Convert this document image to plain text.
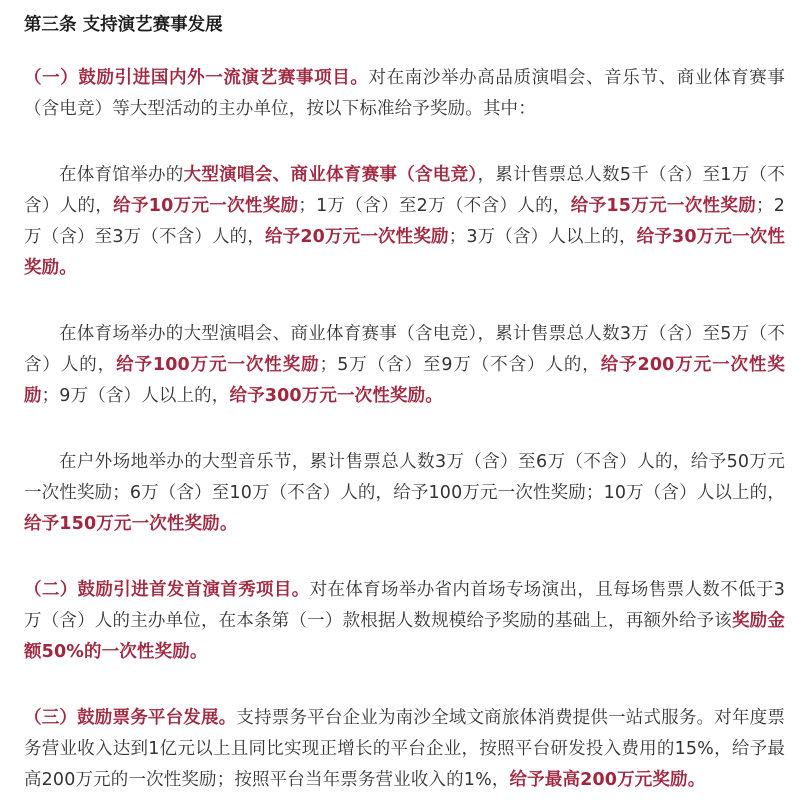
第三条 支持演艺赛事发展
（一）鼓励引进国内外一流演艺赛事项目。对在南沙举办高品质演唱会、音乐节、商业体育赛事（含电竞）等大型活动的主办单位，按以下标准给予奖励。其中：
在体育馆举办的大型演唱会、商业体育赛事（含电竞），累计售票总人数5千（含）至1万（不含）人的，给予10万元一次性奖励；1万（含）至2万（不含）人的，给予15万元一次性奖励；2万（含）至3万（不含）人的，给予20万元一次性奖励；3万（含）人以上的，给予30万元一次性奖励。
在体育场举办的大型演唱会、商业体育赛事（含电竞），累计售票总人数3万（含）至5万（不含）人的，给予100万元一次性奖励；5万（含）至9万（不含）人的，给予200万元一次性奖励；9万（含）人以上的，给予300万元一次性奖励。
在户外场地举办的大型音乐节，累计售票总人数3万（含）至6万（不含）人的，给予50万元一次性奖励；6万（含）至10万（不含）人的，给予100万元一次性奖励；10万（含）人以上的，给予150万元一次性奖励。
（二）鼓励引进首发首演首秀项目。对在体育场举办省内首场专场演出，且每场售票人数不低于3万（含）人的主办单位，在本条第（一）款根据人数规模给予奖励的基础上，再额外给予该奖励金额50%的一次性奖励。
（三）鼓励票务平台发展。支持票务平台企业为南沙全域文商旅体消费提供一站式服务。对年度票务营业收入达到1亿元以上且同比实现正增长的平台企业，按照平台研发投入费用的15%，给予最高200万元的一次性奖励；按照平台当年票务营业收入的1%，给予最高200万元奖励。
